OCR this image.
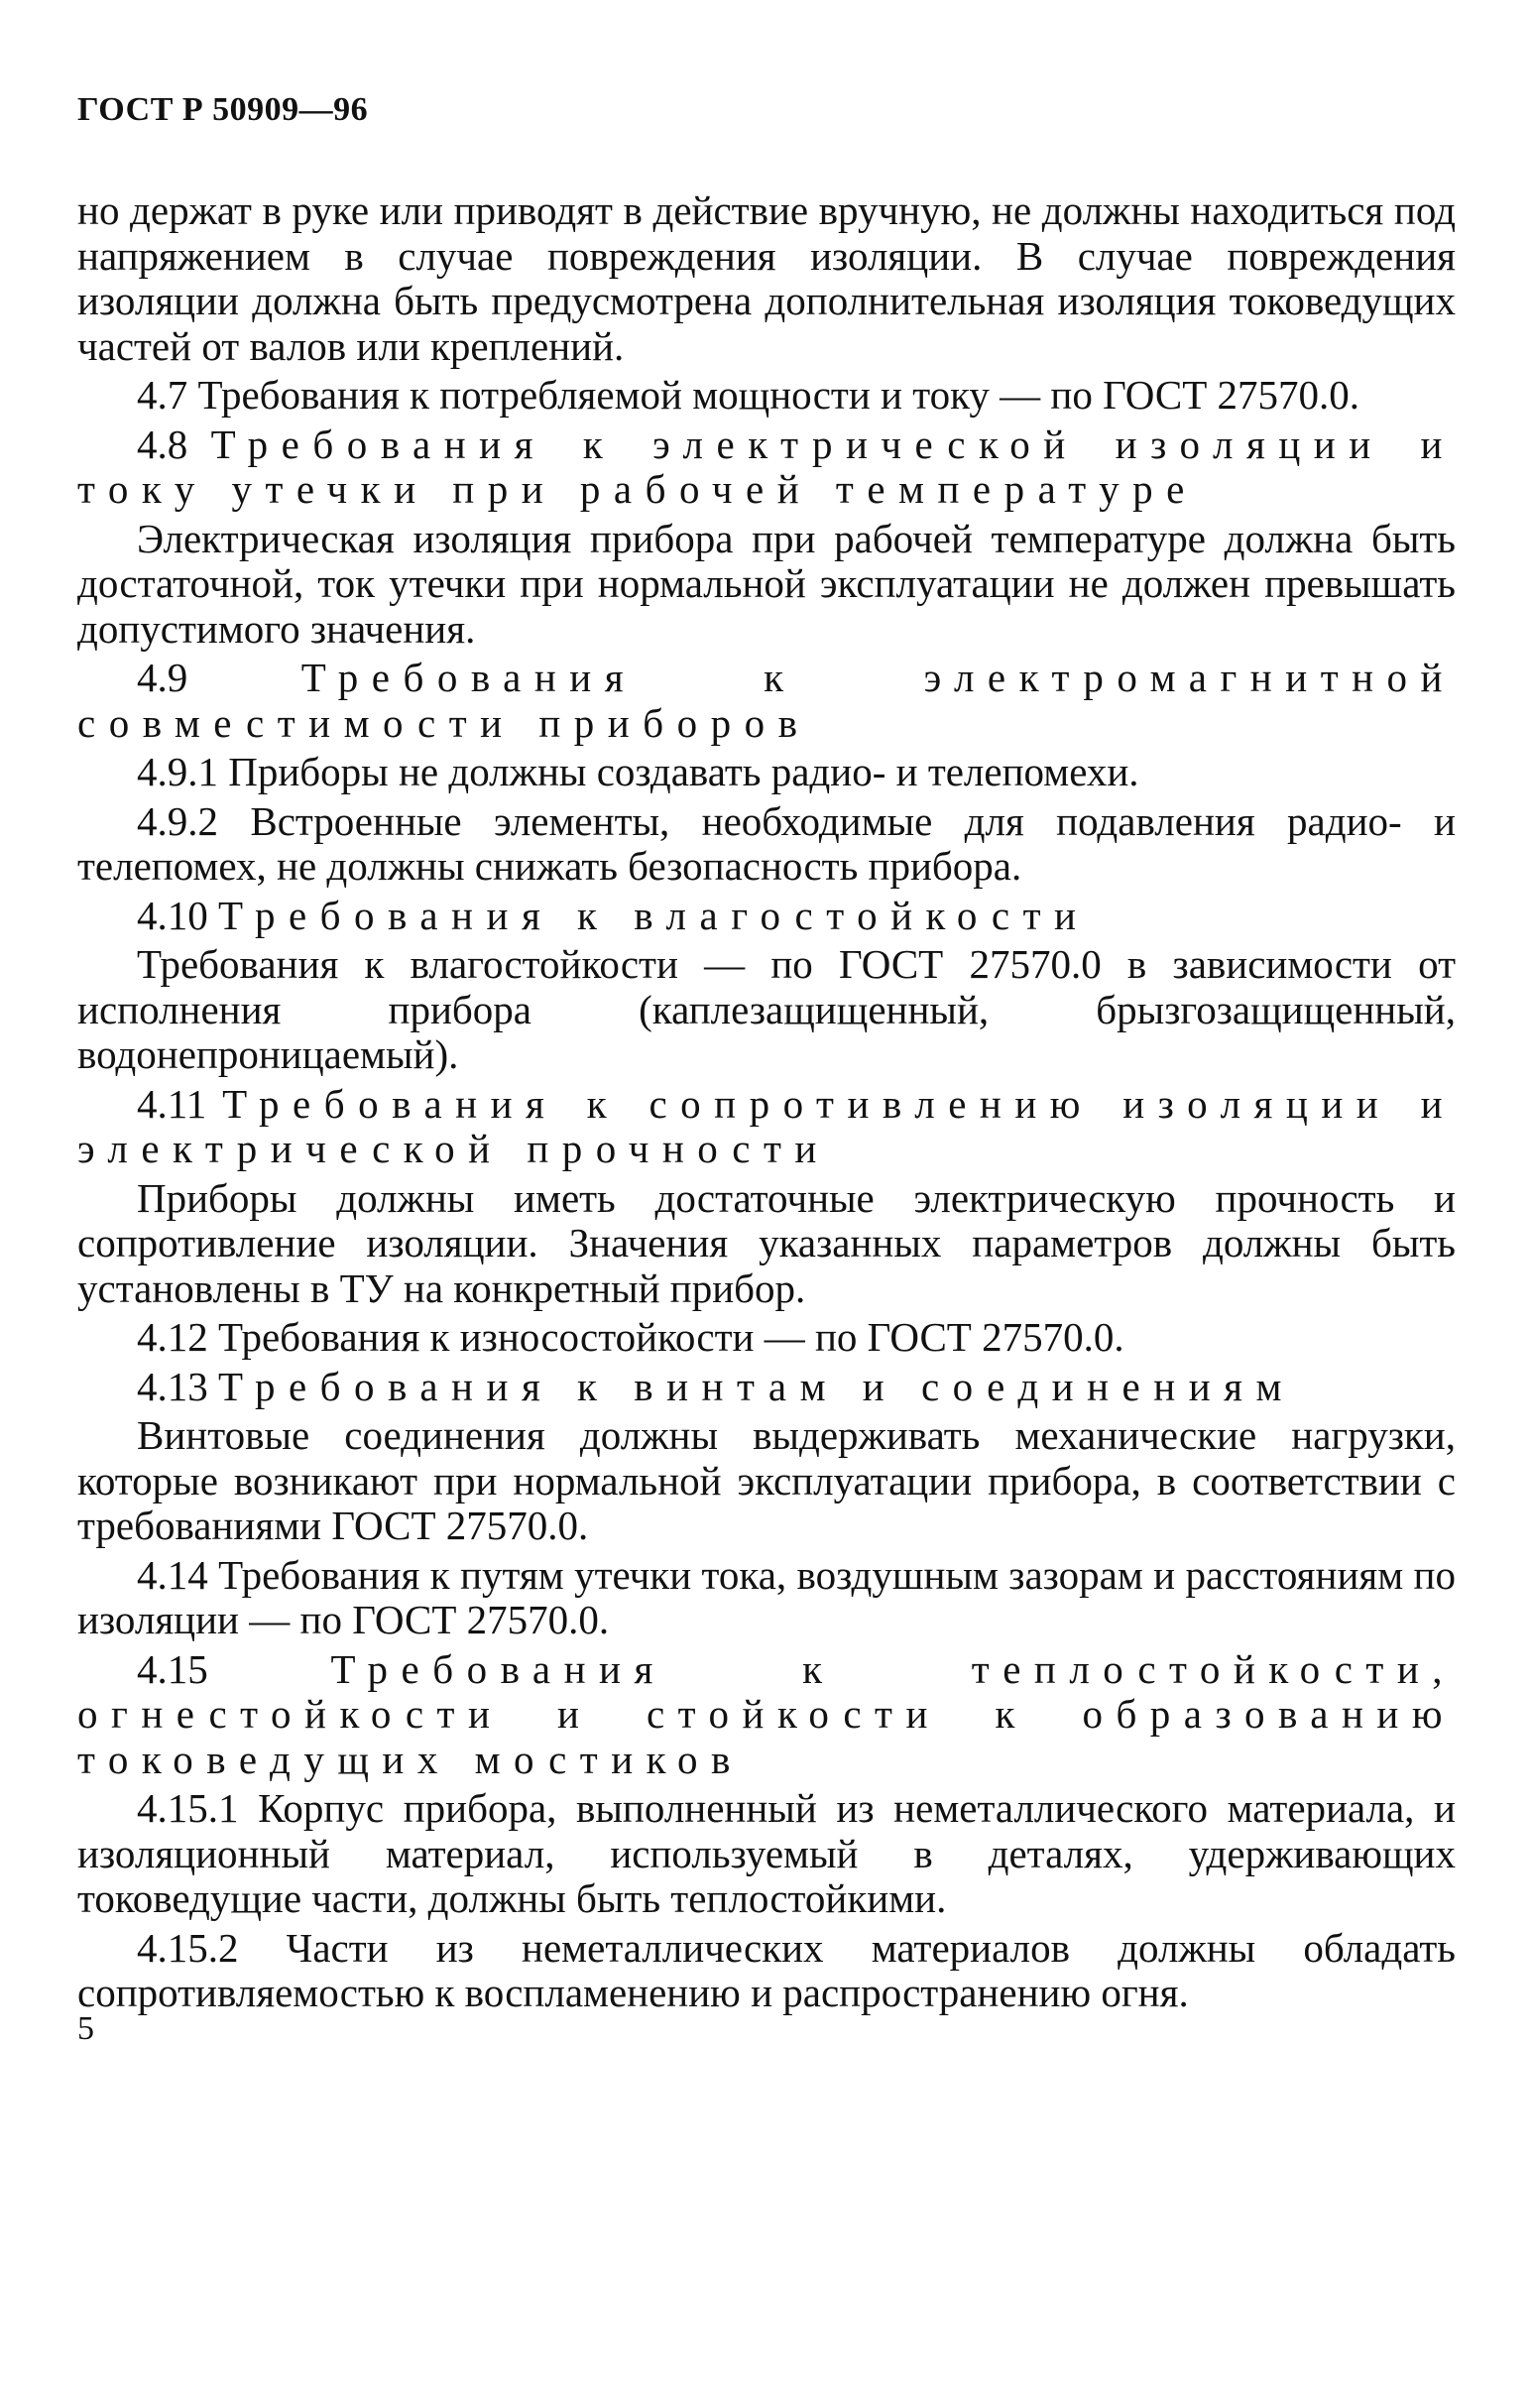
ГОСТ Р 50909—96

но держат в руке или приводят в действие вручную, не должны находиться под напряжением в случае повреждения изоляции. В случае повреждения изоляции должна быть предусмотрена дополнительная изоляция токоведущих частей от валов или креплений.

4.7 Требования к потребляемой мощности и току — по ГОСТ 27570.0.

4.8 Требования к электрической изоляции и току утечки при рабочей температуре

Электрическая изоляция прибора при рабочей температуре должна быть достаточной, ток утечки при нормальной эксплуатации не должен превышать допустимого значения.

4.9	Требования к электромагнитной совместимости приборов

4.9.1 Приборы не должны создавать радио- и телепомехи.

4.9.2 Встроенные элементы, необходимые для подавления радио- и телепомех, не должны снижать безопасность прибора.

4.10 Требования к влагостойкости

Требования к влагостойкости — по ГОСТ 27570.0 в зависимости от исполнения прибора (каплезащищенный, брызгозащищенный, водонепроницаемый).

4.11 Требования к сопротивлению изоляции и электрической прочности

Приборы должны иметь достаточные электрическую прочность и сопротивление изоляции. Значения указанных параметров должны быть установлены в ТУ на конкретный прибор.

4.12 Требования к износостойкости — по ГОСТ 27570.0.

4.13 Требования к винтам и соединениям

Винтовые соединения должны выдерживать механические нагрузки, которые возникают при нормальной эксплуатации прибора, в соответствии с требованиями ГОСТ 27570.0.

4.14 Требования к путям утечки тока, воздушным зазорам и расстояниям по изоляции — по ГОСТ 27570.0.

4.15	Требования к теплостойкости, огнестойкости и стойкости к образованию токоведущих мостиков

4.15.1 Корпус прибора, выполненный из неметаллического материала, и изоляционный материал, используемый в деталях, удерживающих токоведущие части, должны быть теплостойкими.

4.15.2 Части из неметаллических материалов должны обладать сопротивляемостью к воспламенению и распространению огня.

5
